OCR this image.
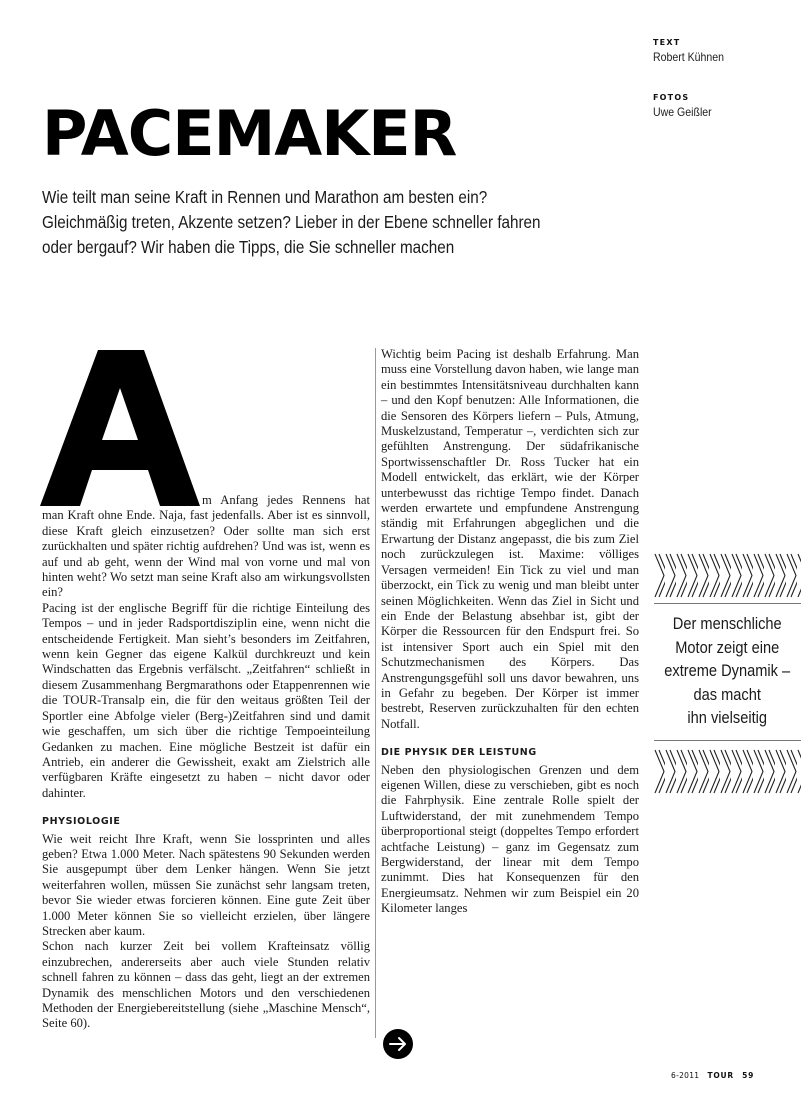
TEXT
Robert Kühnen
FOTOS
Uwe Geißler
PACEMAKER

Wie teilt man seine Kraft in Rennen und Marathon am besten ein?

Gleichmäßig treten, Akzente setzen? Lieber in der Ebene schneller fahren

oder bergauf? Wir haben die Tipps, die Sie schneller machen

m Anfang jedes Rennens hat man Kraft ohne Ende. Naja, fast jedenfalls. Aber ist es sinnvoll, diese Kraft gleich einzusetzen? Oder sollte man sich erst zurückhalten und später richtig aufdrehen? Und was ist, wenn es auf und ab geht, wenn der Wind mal von vorne und mal von hinten weht? Wo setzt man seine Kraft also am wirkungsvollsten ein?

Pacing ist der englische Begriff für die richtige Einteilung des Tempos – und in jeder Radsportdisziplin eine, wenn nicht die entscheidende Fertigkeit. Man sieht’s besonders im Zeitfahren, wenn kein Gegner das eigene Kalkül durchkreuzt und kein Windschatten das Ergebnis verfälscht. „Zeitfahren“ schließt in diesem Zusammenhang Bergmarathons oder Etappenrennen wie die TOUR-Transalp ein, die für den weitaus größten Teil der Sportler eine Abfolge vieler (Berg-)Zeitfahren sind und damit wie geschaffen, um sich über die richtige Tempoeinteilung Gedanken zu machen. Eine mögliche Bestzeit ist dafür ein Antrieb, ein anderer die Gewissheit, exakt am Zielstrich alle verfügbaren Kräfte eingesetzt zu haben – nicht davor oder dahinter.

PHYSIOLOGIE

Wie weit reicht Ihre Kraft, wenn Sie lossprinten und alles geben? Etwa 1.000 Meter. Nach spätestens 90 Sekunden werden Sie ausgepumpt über dem Lenker hängen. Wenn Sie jetzt weiterfahren wollen, müssen Sie zunächst sehr langsam treten, bevor Sie wieder etwas forcieren können. Eine gute Zeit über 1.000 Meter können Sie so vielleicht erzielen, über längere Strecken aber kaum.

Schon nach kurzer Zeit bei vollem Krafteinsatz völlig einzubrechen, andererseits aber auch viele Stunden relativ schnell fahren zu können – dass das geht, liegt an der extremen Dynamik des menschlichen Motors und den verschiedenen Methoden der Energiebereitstellung (siehe „Maschine Mensch“, Seite 60).

Wichtig beim Pacing ist deshalb Erfahrung. Man muss eine Vorstellung davon haben, wie lange man ein bestimmtes Intensitätsniveau durchhalten kann – und den Kopf benutzen: Alle Informationen, die die Sensoren des Körpers liefern – Puls, Atmung, Muskelzustand, Temperatur –, verdichten sich zur gefühlten Anstrengung. Der südafrikanische Sportwissenschaftler Dr. Ross Tucker hat ein Modell entwickelt, das erklärt, wie der Körper unterbewusst das richtige Tempo findet. Danach werden erwartete und empfundene Anstrengung ständig mit Erfahrungen abgeglichen und die Erwartung der Distanz angepasst, die bis zum Ziel noch zurückzulegen ist. Maxime: völliges Versagen vermeiden! Ein Tick zu viel und man überzockt, ein Tick zu wenig und man bleibt unter seinen Möglichkeiten. Wenn das Ziel in Sicht und ein Ende der Belastung absehbar ist, gibt der Körper die Ressourcen für den Endspurt frei. So ist intensiver Sport auch ein Spiel mit den Schutzmechanismen des Körpers. Das Anstrengungsgefühl soll uns davor bewahren, uns in Gefahr zu begeben. Der Körper ist immer bestrebt, Reserven zurückzuhalten für den echten Notfall.

DIE PHYSIK DER LEISTUNG

Neben den physiologischen Grenzen und dem eigenen Willen, diese zu verschieben, gibt es noch die Fahrphysik. Eine zentrale Rolle spielt der Luftwiderstand, der mit zunehmendem Tempo überproportional steigt (doppeltes Tempo erfordert achtfache Leistung) – ganz im Gegensatz zum Bergwiderstand, der linear mit dem Tempo zunimmt. Dies hat Konsequenzen für den Energieumsatz. Nehmen wir zum Beispiel ein 20 Kilometer langes

Der menschliche
Motor zeigt eine
extreme Dynamik –
das macht
ihn vielseitig
6-2011 TOUR 59
